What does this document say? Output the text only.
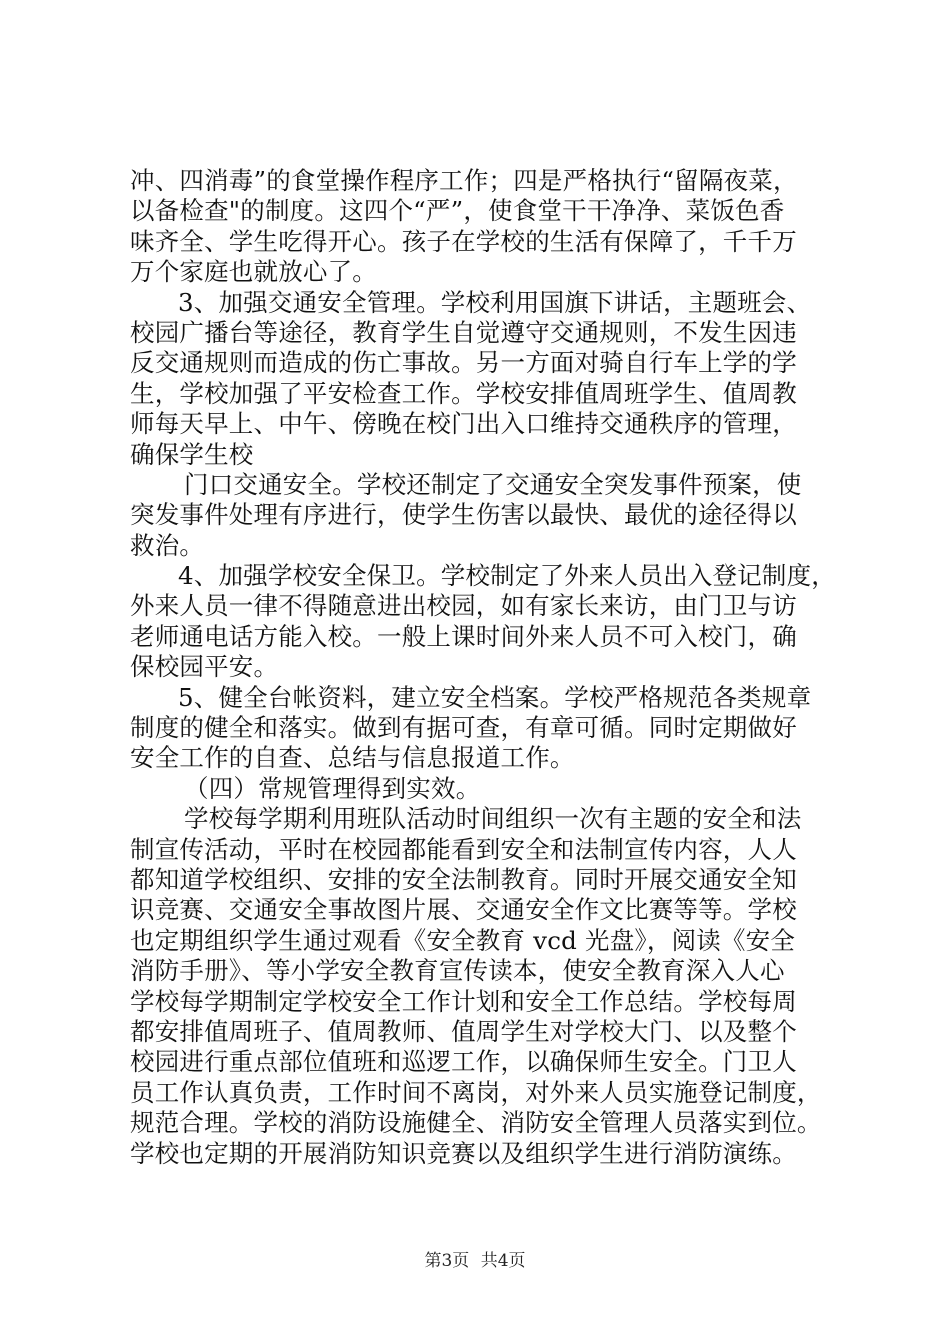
冲、四消毒”的食堂操作程序工作；四是严格执行“留隔夜菜，
以备检查"的制度。这四个“严”，使食堂干干净净、菜饭色香
味齐全、学生吃得开心。孩子在学校的生活有保障了，千千万
万个家庭也就放心了。
3、加强交通安全管理。学校利用国旗下讲话，主题班会、
校园广播台等途径，教育学生自觉遵守交通规则，不发生因违
反交通规则而造成的伤亡事故。另一方面对骑自行车上学的学
生，学校加强了平安检查工作。学校安排值周班学生、值周教
师每天早上、中午、傍晚在校门出入口维持交通秩序的管理，
确保学生校
门口交通安全。学校还制定了交通安全突发事件预案，使
突发事件处理有序进行，使学生伤害以最快、最优的途径得以
救治。
4、加强学校安全保卫。学校制定了外来人员出入登记制度，
外来人员一律不得随意进出校园，如有家长来访，由门卫与访
老师通电话方能入校。一般上课时间外来人员不可入校门，确
保校园平安。
5、健全台帐资料，建立安全档案。学校严格规范各类规章
制度的健全和落实。做到有据可查，有章可循。同时定期做好
安全工作的自查、总结与信息报道工作。
（四）常规管理得到实效。
学校每学期利用班队活动时间组织一次有主题的安全和法
制宣传活动，平时在校园都能看到安全和法制宣传内容，人人
都知道学校组织、安排的安全法制教育。同时开展交通安全知
识竞赛、交通安全事故图片展、交通安全作文比赛等等。学校
也定期组织学生通过观看《安全教育 vcd 光盘》，阅读《安全
消防手册》、等小学安全教育宣传读本，使安全教育深入人心
学校每学期制定学校安全工作计划和安全工作总结。学校每周
都安排值周班子、值周教师、值周学生对学校大门、以及整个
校园进行重点部位值班和巡逻工作，以确保师生安全。门卫人
员工作认真负责，工作时间不离岗，对外来人员实施登记制度，
规范合理。学校的消防设施健全、消防安全管理人员落实到位。
学校也定期的开展消防知识竞赛以及组织学生进行消防演练。
第3页 共4页
